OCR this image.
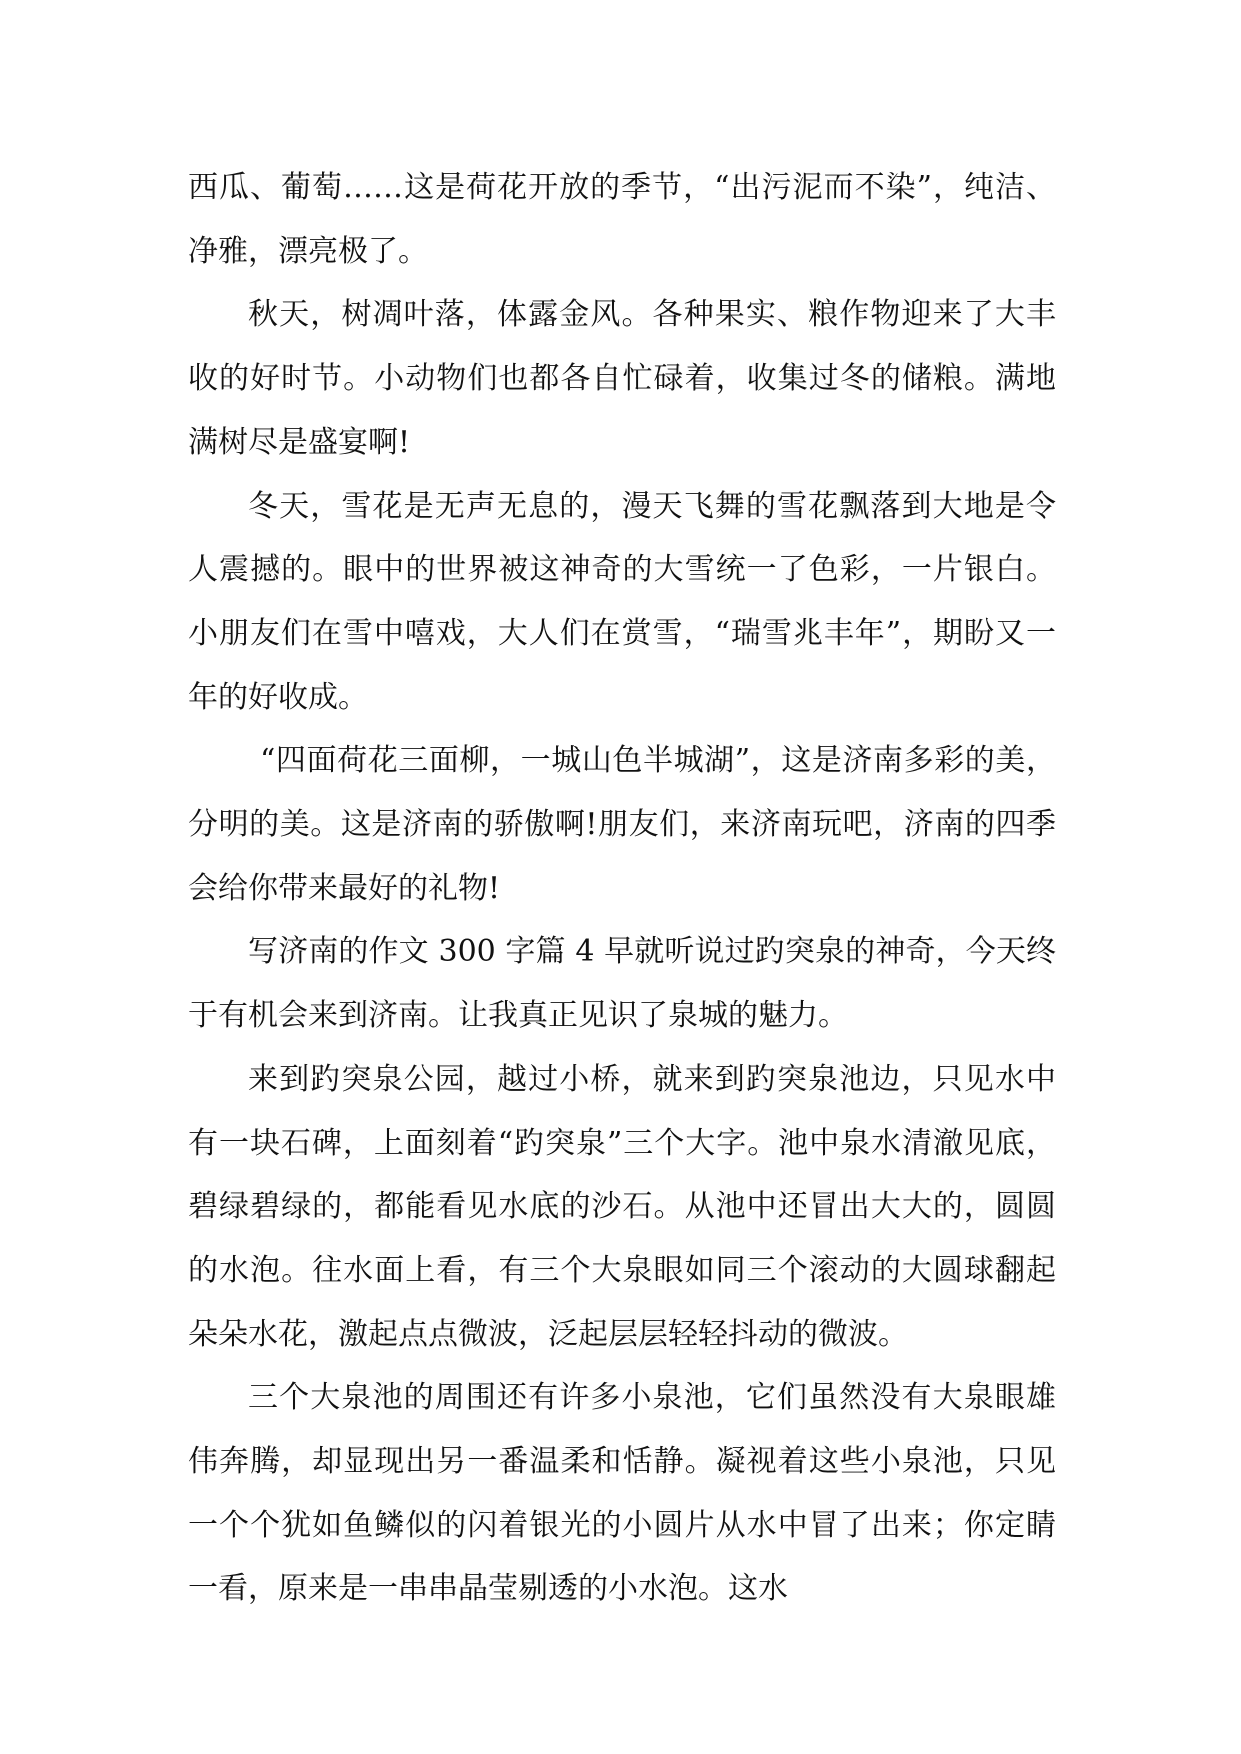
西瓜、葡萄……这是荷花开放的季节，“出污泥而不染”，纯洁、净雅，漂亮极了。

秋天，树凋叶落，体露金风。各种果实、粮作物迎来了大丰收的好时节。小动物们也都各自忙碌着，收集过冬的储粮。满地满树尽是盛宴啊!

冬天，雪花是无声无息的，漫天飞舞的雪花飘落到大地是令人震撼的。眼中的世界被这神奇的大雪统一了色彩，一片银白。小朋友们在雪中嘻戏，大人们在赏雪，“瑞雪兆丰年”，期盼又一年的好收成。

“四面荷花三面柳，一城山色半城湖”，这是济南多彩的美，分明的美。这是济南的骄傲啊!朋友们，来济南玩吧，济南的四季会给你带来最好的礼物!

写济南的作文 300 字篇 4 早就听说过趵突泉的神奇，今天终于有机会来到济南。让我真正见识了泉城的魅力。

来到趵突泉公园，越过小桥，就来到趵突泉池边，只见水中有一块石碑，上面刻着“趵突泉”三个大字。池中泉水清澈见底，碧绿碧绿的，都能看见水底的沙石。从池中还冒出大大的，圆圆的水泡。往水面上看，有三个大泉眼如同三个滚动的大圆球翻起朵朵水花，激起点点微波，泛起层层轻轻抖动的微波。

三个大泉池的周围还有许多小泉池，它们虽然没有大泉眼雄伟奔腾，却显现出另一番温柔和恬静。凝视着这些小泉池，只见一个个犹如鱼鳞似的闪着银光的小圆片从水中冒了出来；你定睛一看，原来是一串串晶莹剔透的小水泡。这水
